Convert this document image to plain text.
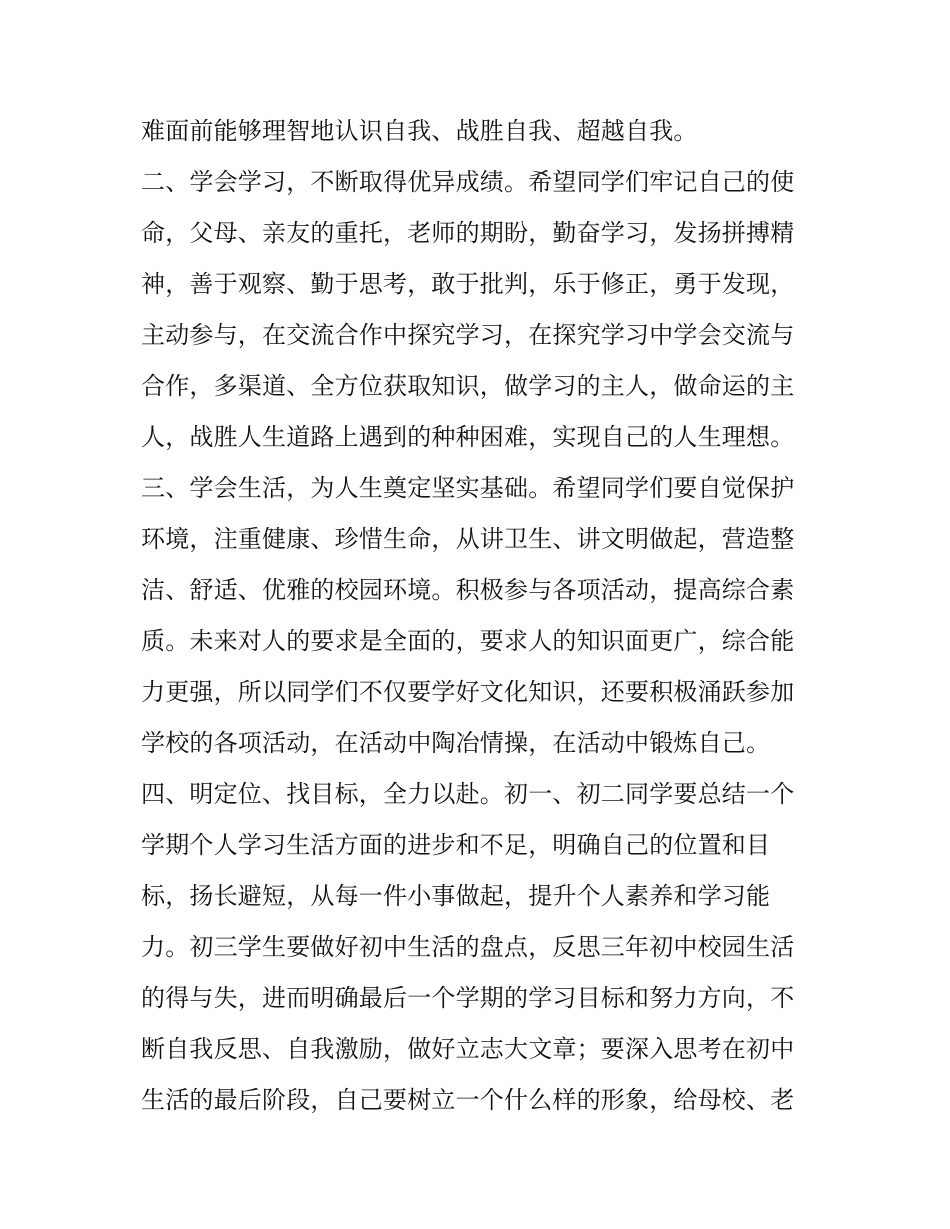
难面前能够理智地认识自我、战胜自我、超越自我。
二、学会学习，不断取得优异成绩。希望同学们牢记自己的使
命，父母、亲友的重托，老师的期盼，勤奋学习，发扬拼搏精
神，善于观察、勤于思考，敢于批判，乐于修正，勇于发现，
主动参与，在交流合作中探究学习，在探究学习中学会交流与
合作，多渠道、全方位获取知识，做学习的主人，做命运的主
人，战胜人生道路上遇到的种种困难，实现自己的人生理想。
三、学会生活，为人生奠定坚实基础。希望同学们要自觉保护
环境，注重健康、珍惜生命，从讲卫生、讲文明做起，营造整
洁、舒适、优雅的校园环境。积极参与各项活动，提高综合素
质。未来对人的要求是全面的，要求人的知识面更广，综合能
力更强，所以同学们不仅要学好文化知识，还要积极涌跃参加
学校的各项活动，在活动中陶冶情操，在活动中锻炼自己。
四、明定位、找目标，全力以赴。初一、初二同学要总结一个
学期个人学习生活方面的进步和不足，明确自己的位置和目
标，扬长避短，从每一件小事做起，提升个人素养和学习能
力。初三学生要做好初中生活的盘点，反思三年初中校园生活
的得与失，进而明确最后一个学期的学习目标和努力方向，不
断自我反思、自我激励，做好立志大文章；要深入思考在初中
生活的最后阶段，自己要树立一个什么样的形象，给母校、老
